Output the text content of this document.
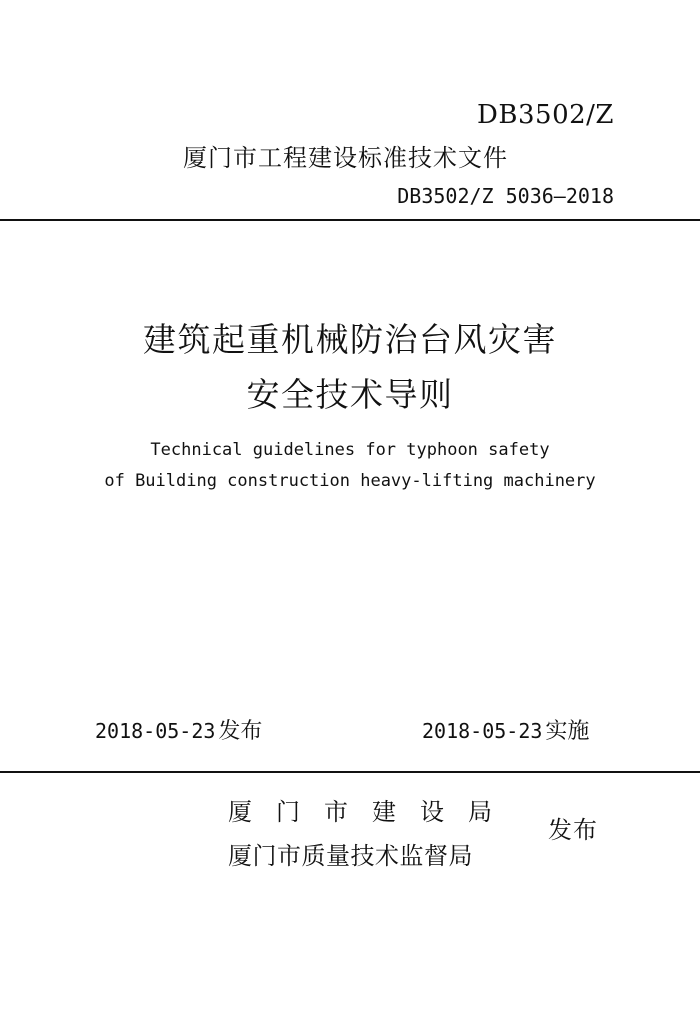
DB3502/Z
厦门市工程建设标准技术文件
DB3502/Z 5036—2018
建筑起重机械防治台风灾害
安全技术导则
Technical guidelines for typhoon safety
of Building construction heavy-lifting machinery
2018-05-23 发布	2018-05-23 实施
厦 门 市 建 设 局
厦门市质量技术监督局
发布
